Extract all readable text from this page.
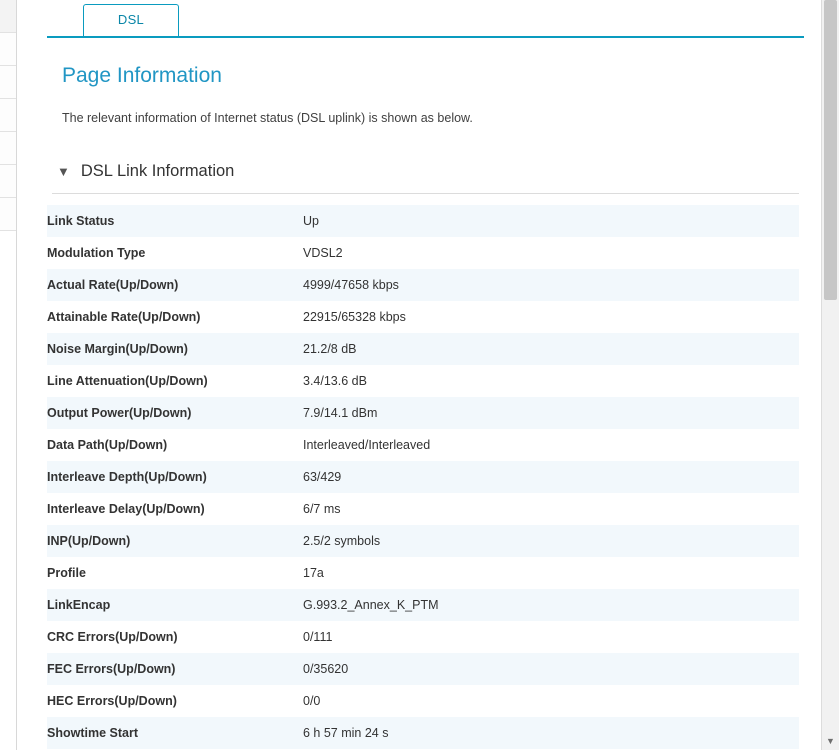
DSL
Page Information

The relevant information of Internet status (DSL uplink) is shown as below.

▼ DSL Link Information
Link Status	Up
Modulation Type	VDSL2
Actual Rate(Up/Down)	4999/47658 kbps
Attainable Rate(Up/Down)	22915/65328 kbps
Noise Margin(Up/Down)	21.2/8 dB
Line Attenuation(Up/Down)	3.4/13.6 dB
Output Power(Up/Down)	7.9/14.1 dBm
Data Path(Up/Down)	Interleaved/Interleaved
Interleave Depth(Up/Down)	63/429
Interleave Delay(Up/Down)	6/7 ms
INP(Up/Down)	2.5/2 symbols
Profile	17a
LinkEncap	G.993.2_Annex_K_PTM
CRC Errors(Up/Down)	0/111
FEC Errors(Up/Down)	0/35620
HEC Errors(Up/Down)	0/0
Showtime Start	6 h 57 min 24 s
▼
